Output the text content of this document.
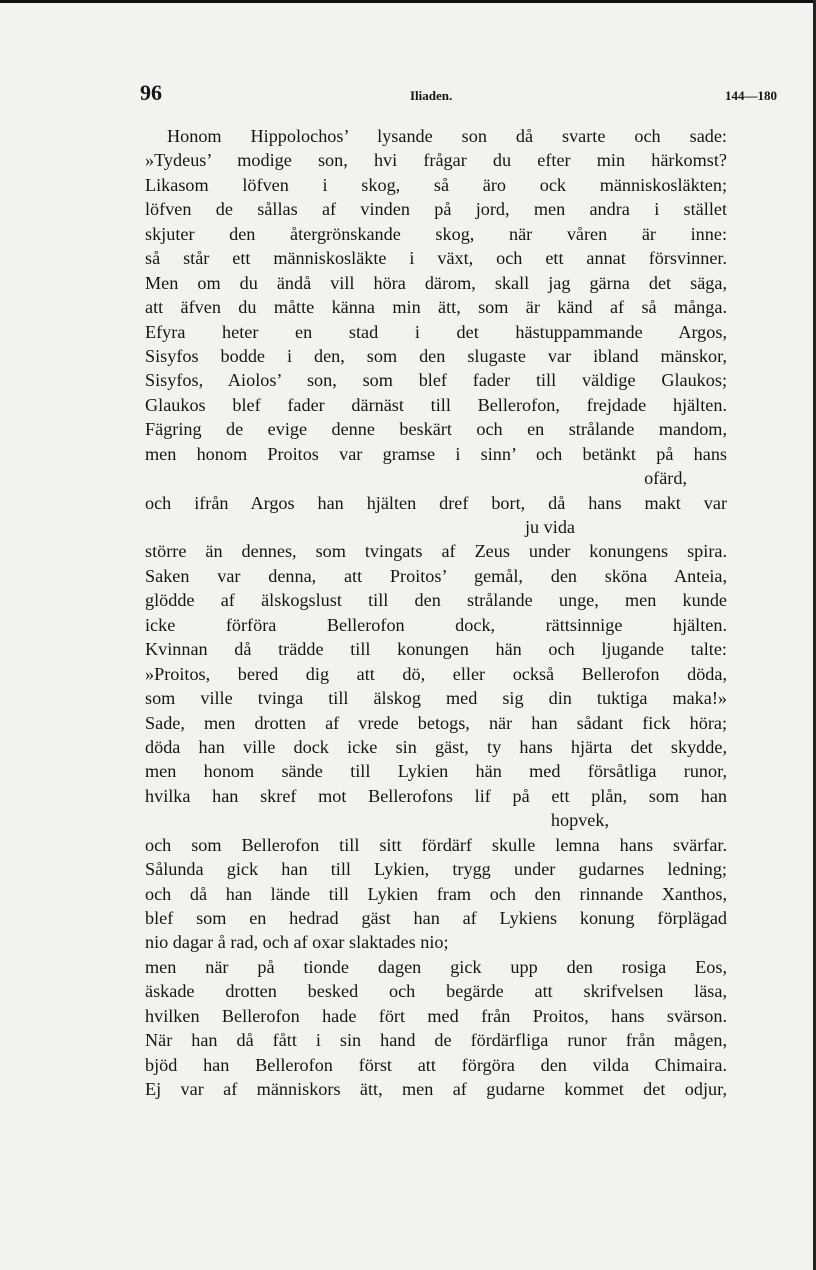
96	Iliaden.	144—180
Honom Hippolochos’ lysande son då svarte och sade:
»Tydeus’ modige son, hvi frågar du efter min härkomst?
Likasom löfven i skog, så äro ock människosläkten;
löfven de sållas af vinden på jord, men andra i stället
skjuter den återgrönskande skog, när våren är inne:
så står ett människosläkte i växt, och ett annat försvinner.
Men om du ändå vill höra därom, skall jag gärna det säga,
att äfven du måtte känna min ätt, som är känd af så många.
Efyra heter en stad i det hästuppammande Argos,
Sisyfos bodde i den, som den slugaste var ibland mänskor,
Sisyfos, Aiolos’ son, som blef fader till väldige Glaukos;
Glaukos blef fader därnäst till Bellerofon, frejdade hjälten.
Fägring de evige denne beskärt och en strålande mandom,
men honom Proitos var gramse i sinn’ och betänkt på hans
ofärd,
och ifrån Argos han hjälten dref bort, då hans makt var
ju vida
större än dennes, som tvingats af Zeus under konungens spira.
Saken var denna, att Proitos’ gemål, den sköna Anteia,
glödde af älskogslust till den strålande unge, men kunde
icke förföra Bellerofon dock, rättsinnige hjälten.
Kvinnan då trädde till konungen hän och ljugande talte:
»Proitos, bered dig att dö, eller också Bellerofon döda,
som ville tvinga till älskog med sig din tuktiga maka!»
Sade, men drotten af vrede betogs, när han sådant fick höra;
döda han ville dock icke sin gäst, ty hans hjärta det skydde,
men honom sände till Lykien hän med försåtliga runor,
hvilka han skref mot Bellerofons lif på ett plån, som han
hopvek,
och som Bellerofon till sitt fördärf skulle lemna hans svärfar.
Sålunda gick han till Lykien, trygg under gudarnes ledning;
och då han lände till Lykien fram och den rinnande Xanthos,
blef som en hedrad gäst han af Lykiens konung förplägad
nio dagar å rad, och af oxar slaktades nio;
men när på tionde dagen gick upp den rosiga Eos,
äskade drotten besked och begärde att skrifvelsen läsa,
hvilken Bellerofon hade fört med från Proitos, hans svärson.
När han då fått i sin hand de fördärfliga runor från mågen,
bjöd han Bellerofon först att förgöra den vilda Chimaira.
Ej var af människors ätt, men af gudarne kommet det odjur,
